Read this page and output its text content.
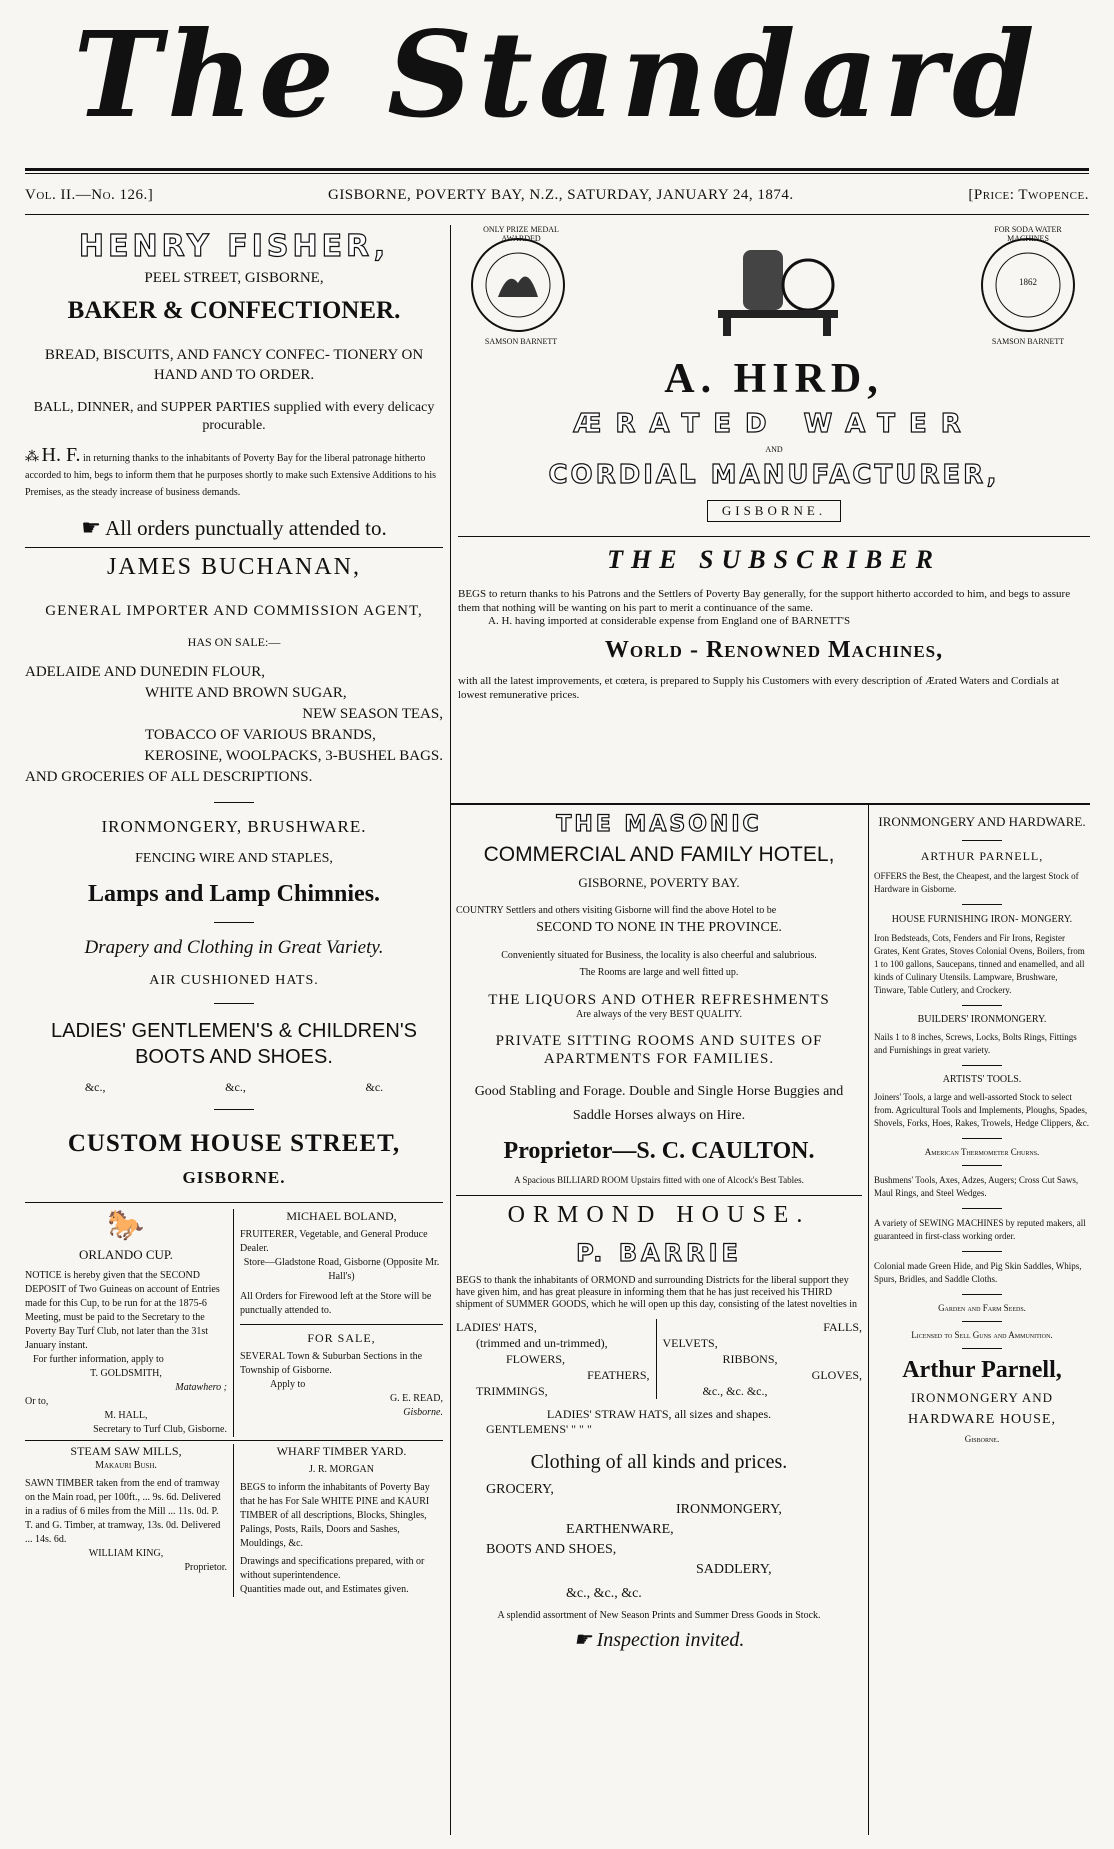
The Standard
Vol. II.—No. 126.]	GISBORNE, POVERTY BAY, N.Z., SATURDAY, JANUARY 24, 1874.	[Price: Twopence.
HENRY FISHER,
PEEL STREET, GISBORNE,
BAKER & CONFECTIONER.
BREAD, BISCUITS, AND FANCY CONFEC- TIONERY ON HAND AND TO ORDER.
BALL, DINNER, and SUPPER PARTIES supplied with every delicacy procurable.
⁂ H. F. in returning thanks to the inhabitants of Poverty Bay for the liberal patronage hitherto accorded to him, begs to inform them that he purposes shortly to make such Extensive Additions to his Premises, as the steady increase of business demands.
☛ All orders punctually attended to.
JAMES BUCHANAN,
GENERAL IMPORTER AND COMMISSION AGENT,
HAS ON SALE:—
ADELAIDE AND DUNEDIN FLOUR,
WHITE AND BROWN SUGAR,
NEW SEASON TEAS,
TOBACCO OF VARIOUS BRANDS,
KEROSINE, WOOLPACKS, 3-BUSHEL BAGS.
AND GROCERIES OF ALL DESCRIPTIONS.
IRONMONGERY, BRUSHWARE.
FENCING WIRE AND STAPLES,
Lamps and Lamp Chimnies.
Drapery and Clothing in Great Variety.
AIR CUSHIONED HATS.
LADIES' GENTLEMEN'S & CHILDREN'S BOOTS AND SHOES.
&c.,	&c.,	&c.
CUSTOM HOUSE STREET,
GISBORNE.
🐎
ORLANDO CUP.
NOTICE is hereby given that the SECOND DEPOSIT of Two Guineas on account of Entries made for this Cup, to be run for at the 1875-6 Meeting, must be paid to the Secretary to the Poverty Bay Turf Club, not later than the 31st January instant.
For further information, apply to
T. GOLDSMITH,
Matawhero ;
Or to,
M. HALL,
Secretary to Turf Club, Gisborne.
MICHAEL BOLAND,
FRUITERER, Vegetable, and General Produce Dealer.
Store—Gladstone Road, Gisborne (Opposite Mr. Hall's)
All Orders for Firewood left at the Store will be punctually attended to.
FOR SALE,
SEVERAL Town & Suburban Sections in the Township of Gisborne.
Apply to
G. E. READ,
Gisborne.
STEAM SAW MILLS,
Makauri Bush.
SAWN TIMBER taken from the end of tramway on the Main road, per 100ft., ... 9s. 6d. Delivered in a radius of 6 miles from the Mill ... 11s. 0d. P. T. and G. Timber, at tramway, 13s. 0d. Delivered ... 14s. 6d.
WILLIAM KING,
Proprietor.
WHARF TIMBER YARD.
J. R. MORGAN
BEGS to inform the inhabitants of Poverty Bay that he has For Sale WHITE PINE and KAURI TIMBER of all descriptions, Blocks, Shingles, Palings, Posts, Rails, Doors and Sashes, Mouldings, &c.
Drawings and specifications prepared, with or without superintendence.
Quantities made out, and Estimates given.
ONLY PRIZE MEDAL AWARDED
SAMSON BARNETT
FOR SODA WATER MACHINES
1862
SAMSON BARNETT
A. HIRD,
ÆRATED WATER
AND
CORDIAL MANUFACTURER,
GISBORNE.
THE SUBSCRIBER
BEGS to return thanks to his Patrons and the Settlers of Poverty Bay generally, for the support hitherto accorded to him, and begs to assure them that nothing will be wanting on his part to merit a continuance of the same.
A. H. having imported at considerable expense from England one of BARNETT'S
World - Renowned Machines,
with all the latest improvements, et cœtera, is prepared to Supply his Customers with every description of Ærated Waters and Cordials at lowest remunerative prices.
THE MASONIC
COMMERCIAL AND FAMILY HOTEL,
GISBORNE, POVERTY BAY.
COUNTRY Settlers and others visiting Gisborne will find the above Hotel to be
SECOND TO NONE IN THE PROVINCE.
Conveniently situated for Business, the locality is also cheerful and salubrious.
The Rooms are large and well fitted up.
THE LIQUORS AND OTHER REFRESHMENTS
Are always of the very BEST QUALITY.
PRIVATE SITTING ROOMS AND SUITES OF APARTMENTS FOR FAMILIES.
Good Stabling and Forage. Double and Single Horse Buggies and Saddle Horses always on Hire.
Proprietor—S. C. CAULTON.
A Spacious BILLIARD ROOM Upstairs fitted with one of Alcock's Best Tables.
ORMOND HOUSE.
P. BARRIE
BEGS to thank the inhabitants of ORMOND and surrounding Districts for the liberal support they have given him, and has great pleasure in informing them that he has just received his THIRD shipment of SUMMER GOODS, which he will open up this day, consisting of the latest novelties in
LADIES' HATS,
(trimmed and un-trimmed),
FLOWERS,
FEATHERS,
TRIMMINGS,
FALLS,
VELVETS,
RIBBONS,
GLOVES,
&c., &c. &c.,
LADIES' STRAW HATS, all sizes and shapes.
GENTLEMENS' " " "
Clothing of all kinds and prices.
GROCERY,
IRONMONGERY,
EARTHENWARE,
BOOTS AND SHOES,
SADDLERY,
&c., &c., &c.
A splendid assortment of New Season Prints and Summer Dress Goods in Stock.
☛ Inspection invited.
IRONMONGERY AND HARDWARE.
ARTHUR PARNELL,
OFFERS the Best, the Cheapest, and the largest Stock of Hardware in Gisborne.
HOUSE FURNISHING IRON- MONGERY.
Iron Bedsteads, Cots, Fenders and Fir Irons, Register Grates, Kent Grates, Stoves Colonial Ovens, Boilers, from 1 to 100 gallons, Saucepans, tinned and enamelled, and all kinds of Culinary Utensils. Lampware, Brushware, Tinware, Table Cutlery, and Crockery.
BUILDERS' IRONMONGERY.
Nails 1 to 8 inches, Screws, Locks, Bolts Rings, Fittings and Furnishings in great variety.
ARTISTS' TOOLS.
Joiners' Tools, a large and well-assorted Stock to select from. Agricultural Tools and Implements, Ploughs, Spades, Shovels, Forks, Hoes, Rakes, Trowels, Hedge Clippers, &c.
American Thermometer Churns.
Bushmens' Tools, Axes, Adzes, Augers; Cross Cut Saws, Maul Rings, and Steel Wedges.
A variety of SEWING MACHINES by reputed makers, all guaranteed in first-class working order.
Colonial made Green Hide, and Pig Skin Saddles, Whips, Spurs, Bridles, and Saddle Cloths.
Garden and Farm Seeds.
Licensed to Sell Guns and Ammunition.
Arthur Parnell,
IRONMONGERY AND
HARDWARE HOUSE,
Gisborne.
